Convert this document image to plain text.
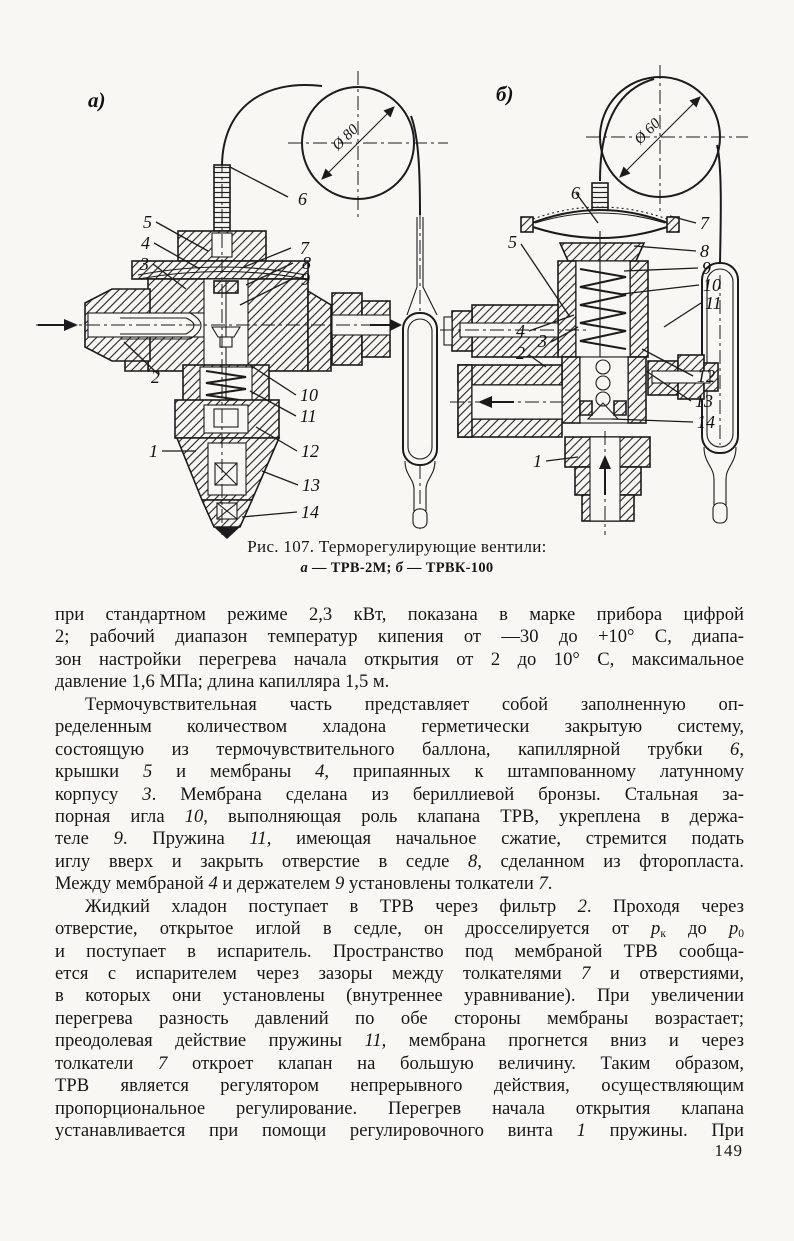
а)
Ø 80
6
5
4
3
7
8
9
2
1
10
11
12
13
14
б)
Ø 60
6
7
5	8
9
10
11
4 3
2
12
13
14
1
Рис. 107. Терморегулирующие вентили:
а — ТРВ-2М; б — ТРВК-100
при стандартном режиме 2,3 кВт, показана в марке прибора цифрой
2; рабочий диапазон температур кипения от —30 до +10° С, диапа-
зон настройки перегрева начала открытия от 2 до 10° С, максимальное
давление 1,6 МПа; длина капилляра 1,5 м.
Термочувствительная часть представляет собой заполненную оп-
ределенным количеством хладона герметически закрытую систему,
состоящую из термочувствительного баллона, капиллярной трубки 6,
крышки 5 и мембраны 4, припаянных к штампованному латунному
корпусу 3. Мембрана сделана из бериллиевой бронзы. Стальная за-
порная игла 10, выполняющая роль клапана ТРВ, укреплена в держа-
теле 9. Пружина 11, имеющая начальное сжатие, стремится подать
иглу вверх и закрыть отверстие в седле 8, сделанном из фторопласта.
Между мембраной 4 и держателем 9 установлены толкатели 7.
Жидкий хладон поступает в ТРВ через фильтр 2. Проходя через
отверстие, открытое иглой в седле, он дросселируется от $р_к$ до $р_0$
и поступает в испаритель. Пространство под мембраной ТРВ сообща-
ется с испарителем через зазоры между толкателями 7 и отверстиями,
в которых они установлены (внутреннее уравнивание). При увеличении
перегрева разность давлений по обе стороны мембраны возрастает;
преодолевая действие пружины 11, мембрана прогнется вниз и через
толкатели 7 откроет клапан на большую величину. Таким образом,
ТРВ является регулятором непрерывного действия, осуществляющим
пропорциональное регулирование. Перегрев начала открытия клапана
устанавливается при помощи регулировочного винта 1 пружины. При
149
